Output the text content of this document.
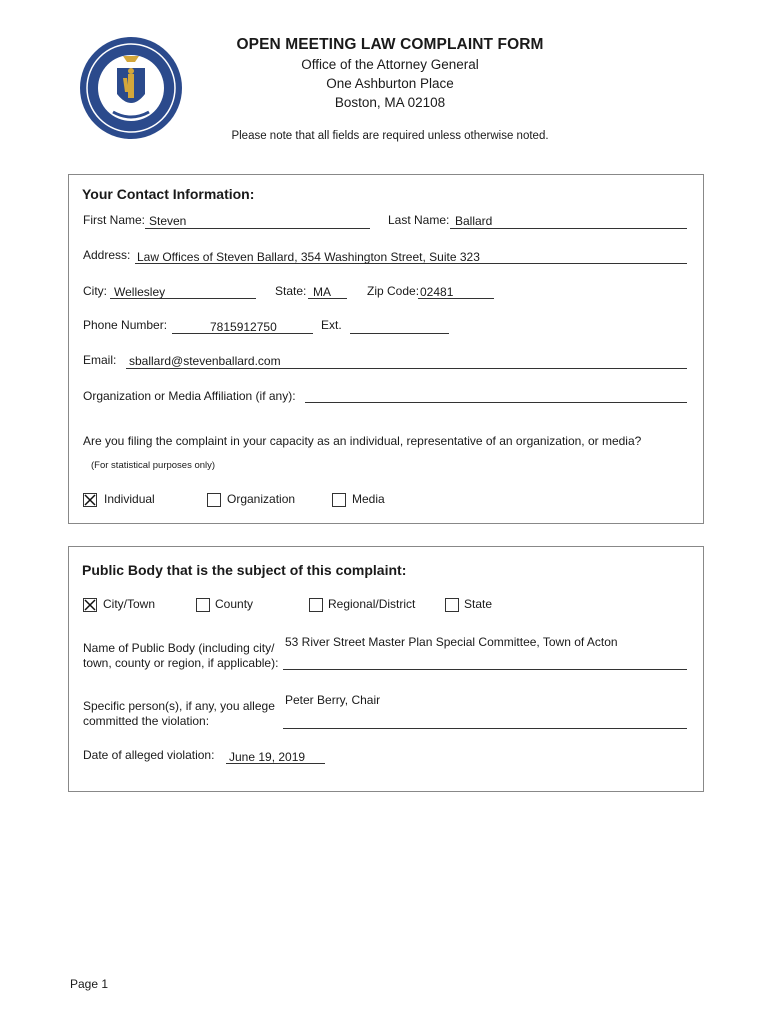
OPEN MEETING LAW COMPLAINT FORM
Office of the Attorney General
One Ashburton Place
Boston, MA 02108
Please note that all fields are required unless otherwise noted.
Your Contact Information:
First Name: Steven	Last Name: Ballard
Address: Law Offices of Steven Ballard, 354 Washington Street, Suite 323
City: Wellesley	State: MA	Zip Code: 02481
Phone Number:	7815912750	Ext.
Email: sballard@stevenballard.com
Organization or Media Affiliation (if any):
Are you filing the complaint in your capacity as an individual, representative of an organization, or media?
(For statistical purposes only)
Individual	Organization	Media
Public Body that is the subject of this complaint:
City/Town	County	Regional/District	State
Name of Public Body (including city/
town, county or region, if applicable):
53 River Street Master Plan Special Committee, Town of Acton
Specific person(s), if any, you allege
committed the violation:
Peter Berry, Chair
Date of alleged violation: June 19, 2019
Page 1
